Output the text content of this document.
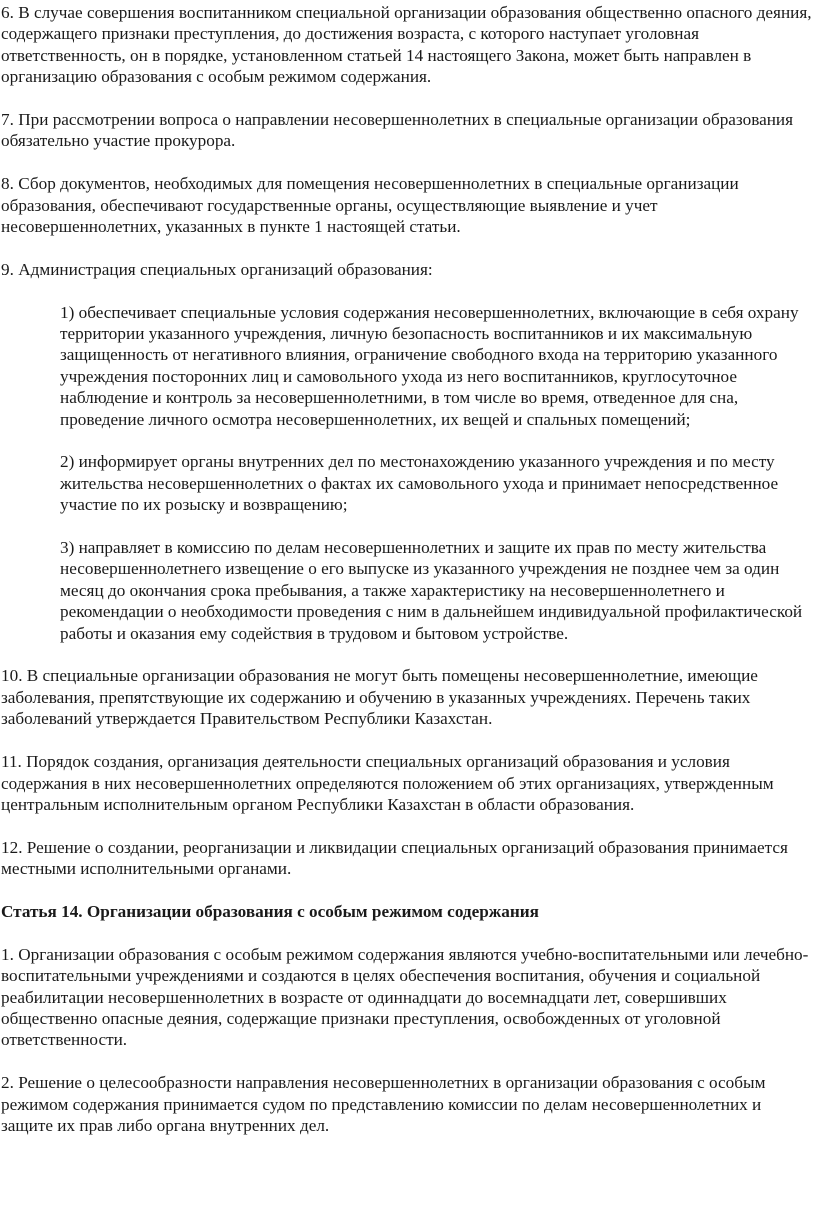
6. В случае совершения воспитанником специальной организации образования общественно опасного деяния, содержащего признаки преступления, до достижения возраста, с которого наступает уголовная ответственность, он в порядке, установленном статьей 14 настоящего Закона, может быть направлен в организацию образования с особым режимом содержания.

7. При рассмотрении вопроса о направлении несовершеннолетних в специальные организации образования обязательно участие прокурора.

8. Сбор документов, необходимых для помещения несовершеннолетних в специальные организации образования, обеспечивают государственные органы, осуществляющие выявление и учет несовершеннолетних, указанных в пункте 1 настоящей статьи.

9. Администрация специальных организаций образования:

1) обеспечивает специальные условия содержания несовершеннолетних, включающие в себя охрану территории указанного учреждения, личную безопасность воспитанников и их максимальную защищенность от негативного влияния, ограничение свободного входа на территорию указанного учреждения посторонних лиц и самовольного ухода из него воспитанников, круглосуточное наблюдение и контроль за несовершеннолетними, в том числе во время, отведенное для сна, проведение личного осмотра несовершеннолетних, их вещей и спальных помещений;

2) информирует органы внутренних дел по местонахождению указанного учреждения и по месту жительства несовершеннолетних о фактах их самовольного ухода и принимает непосредственное участие по их розыску и возвращению;

3) направляет в комиссию по делам несовершеннолетних и защите их прав по месту жительства несовершеннолетнего извещение о его выпуске из указанного учреждения не позднее чем за один месяц до окончания срока пребывания, а также характеристику на несовершеннолетнего и рекомендации о необходимости проведения с ним в дальнейшем индивидуальной профилактической работы и оказания ему содействия в трудовом и бытовом устройстве.

10. В специальные организации образования не могут быть помещены несовершеннолетние, имеющие заболевания, препятствующие их содержанию и обучению в указанных учреждениях. Перечень таких заболеваний утверждается Правительством Республики Казахстан.

11. Порядок создания, организация деятельности специальных организаций образования и условия содержания в них несовершеннолетних определяются положением об этих организациях, утвержденным центральным исполнительным органом Республики Казахстан в области образования.

12. Решение о создании, реорганизации и ликвидации специальных организаций образования принимается местными исполнительными органами.

Статья 14. Организации образования с особым режимом содержания

1. Организации образования с особым режимом содержания являются учебно-воспитательными или лечебно-воспитательными учреждениями и создаются в целях обеспечения воспитания, обучения и социальной реабилитации несовершеннолетних в возрасте от одиннадцати до восемнадцати лет, совершивших общественно опасные деяния, содержащие признаки преступления, освобожденных от уголовной ответственности.

2. Решение о целесообразности направления несовершеннолетних в организации образования с особым режимом содержания принимается судом по представлению комиссии по делам несовершеннолетних и защите их прав либо органа внутренних дел.
